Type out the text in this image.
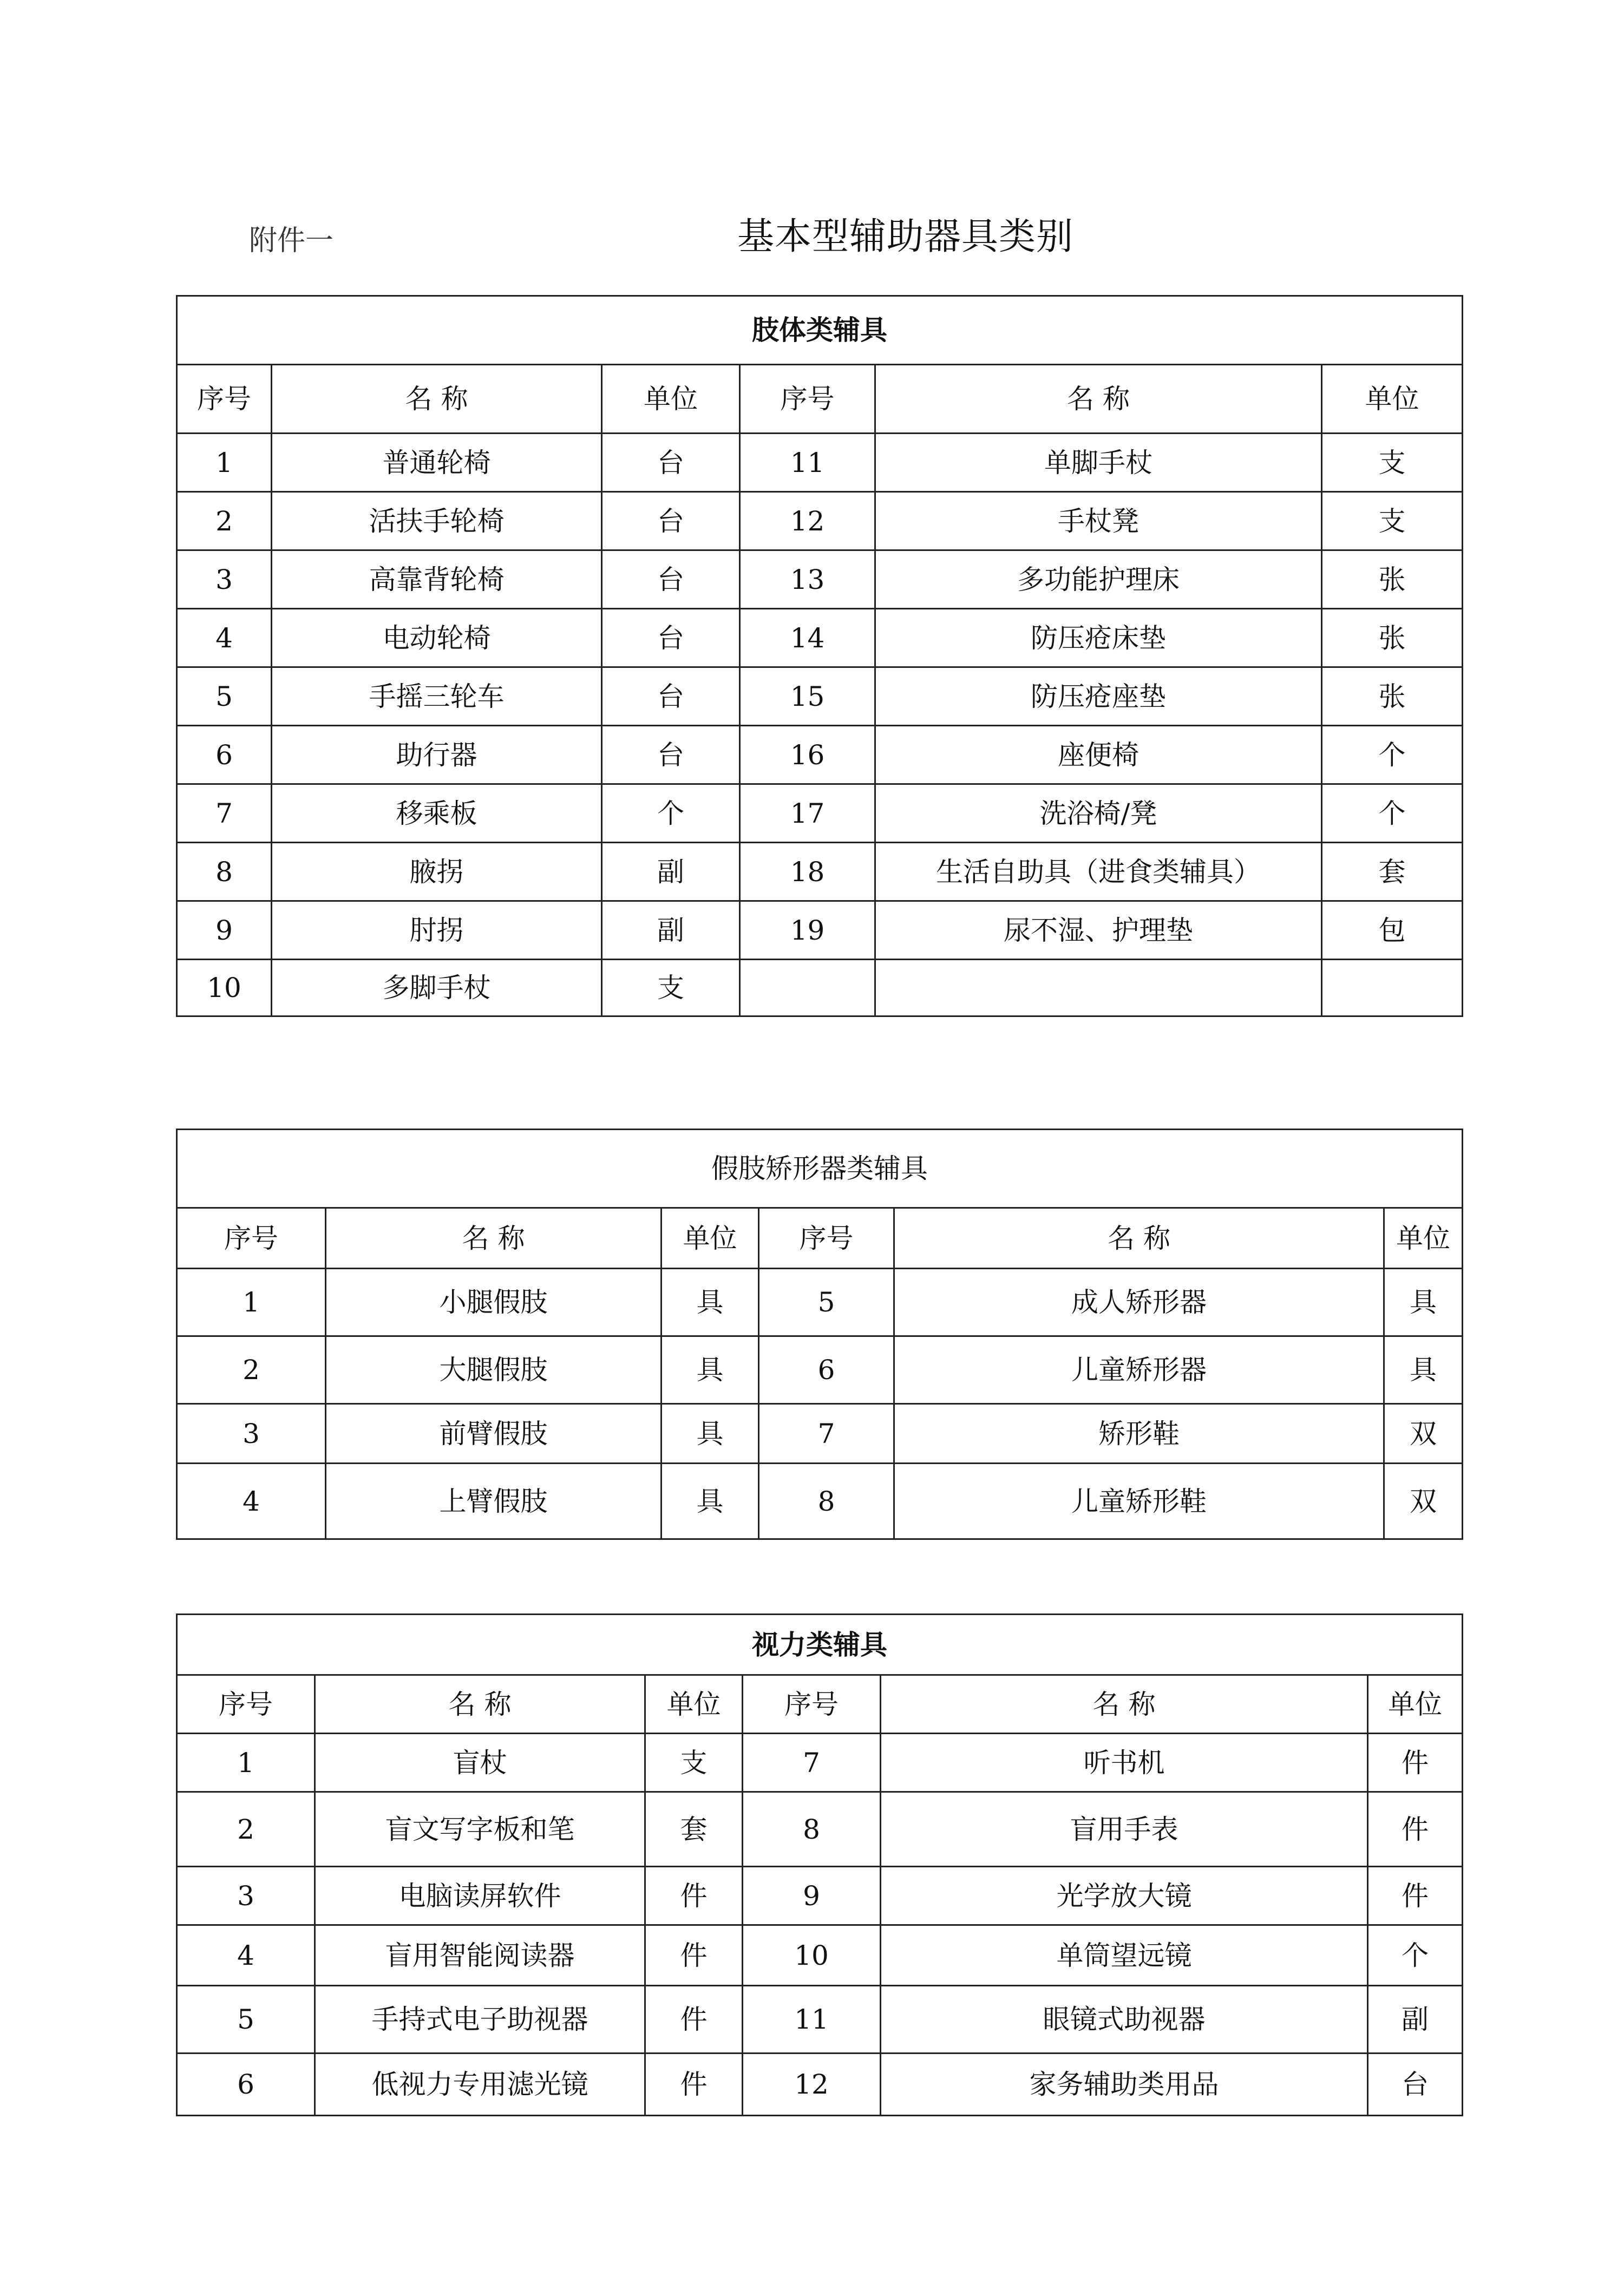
附件一	基本型辅助器具类别
肢体类辅具					
序号	名 称	单位	序号	名 称	单位
1	普通轮椅	台	11	单脚手杖	支
2	活扶手轮椅	台	12	手杖凳	支
3	高靠背轮椅	台	13	多功能护理床	张
4	电动轮椅	台	14	防压疮床垫	张
5	手摇三轮车	台	15	防压疮座垫	张
6	助行器	台	16	座便椅	个
7	移乘板	个	17	洗浴椅/凳	个
8	腋拐	副	18	生活自助具（进食类辅具）	套
9	肘拐	副	19	尿不湿、护理垫	包
10	多脚手杖	支			
假肢矫形器类辅具					
序号	名 称	单位	序号	名 称	单位
1	小腿假肢	具	5	成人矫形器	具
2	大腿假肢	具	6	儿童矫形器	具
3	前臂假肢	具	7	矫形鞋	双
4	上臂假肢	具	8	儿童矫形鞋	双
视力类辅具					
序号	名 称	单位	序号	名 称	单位
1	盲杖	支	7	听书机	件
2	盲文写字板和笔	套	8	盲用手表	件
3	电脑读屏软件	件	9	光学放大镜	件
4	盲用智能阅读器	件	10	单筒望远镜	个
5	手持式电子助视器	件	11	眼镜式助视器	副
6	低视力专用滤光镜	件	12	家务辅助类用品	台
